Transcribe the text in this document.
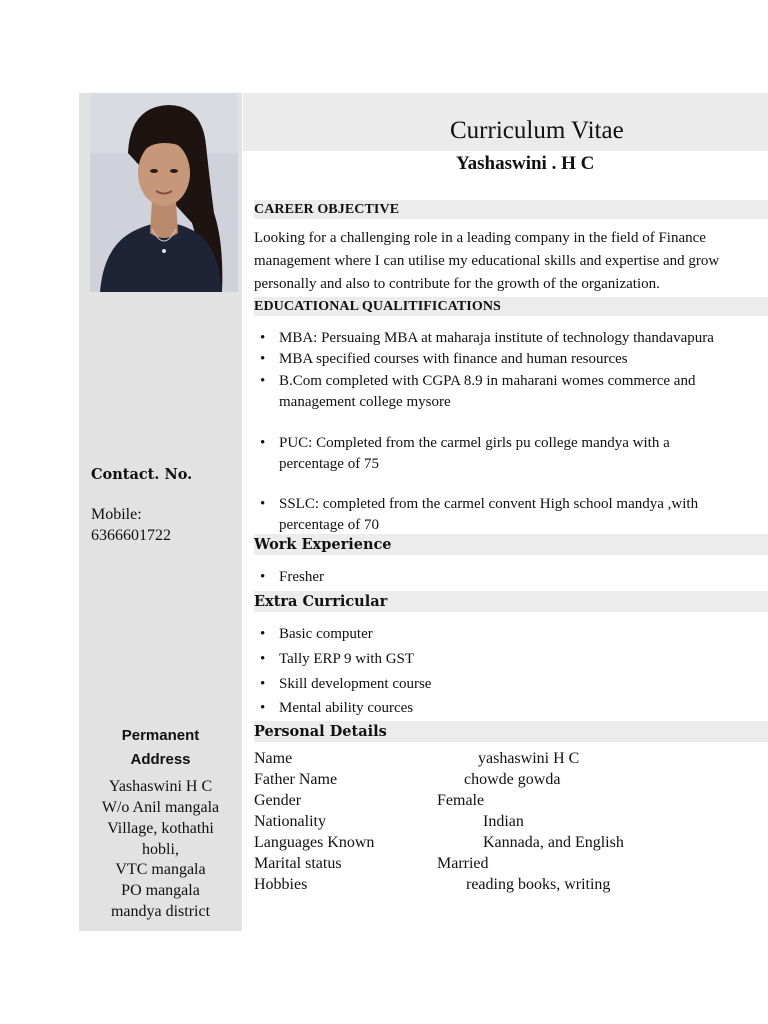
Contact. No.
Mobile:
6366601722
Permanent
Address
Yashaswini H C
W/o Anil mangala
Village, kothathi
hobli,
VTC mangala
PO mangala
mandya district
Curriculum Vitae
Yashaswini . H C
CAREER OBJECTIVE
Looking for a challenging role in a leading company in the field of Finance
management where I can utilise my educational skills and expertise and grow
personally and also to contribute for the growth of the organization.
EDUCATIONAL QUALITIFICATIONS
• MBA: Persuaing MBA at maharaja institute of technology thandavapura
• MBA specified courses with finance and human resources
• B.Com completed with CGPA 8.9 in maharani womes commerce and
management college mysore
• PUC: Completed from the carmel girls pu college mandya with a
percentage of 75
• SSLC: completed from the carmel convent High school mandya ,with
percentage of 70
Work Experience
• Fresher
Extra Curricular
• Basic computer
• Tally ERP 9 with GST
• Skill development course
• Mental ability cources
Personal Details
Name	yashaswini H C
Father Name	chowde gowda
Gender	Female
Nationality	Indian
Languages Known	Kannada, and English
Marital status	Married
Hobbies	reading books, writing
